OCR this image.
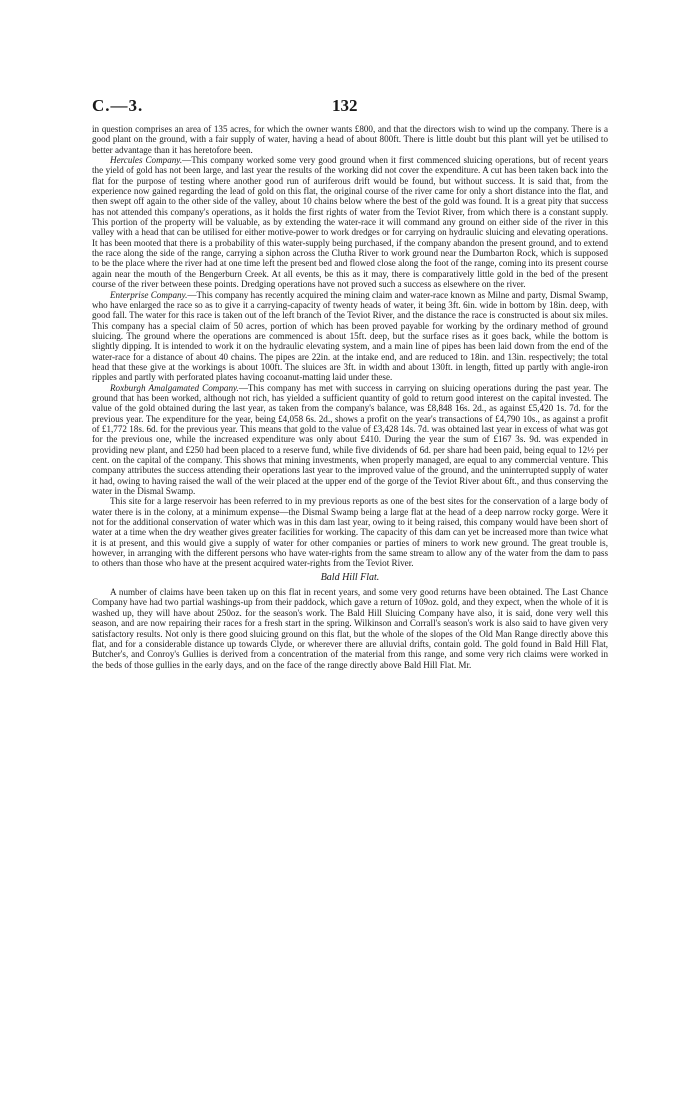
C.—3.	132

in question comprises an area of 135 acres, for which the owner wants £800, and that the directors wish to wind up the company. There is a good plant on the ground, with a fair supply of water, having a head of about 800ft. There is little doubt but this plant will yet be utilised to better advantage than it has heretofore been.

Hercules Company.—This company worked some very good ground when it first commenced sluicing operations, but of recent years the yield of gold has not been large, and last year the results of the working did not cover the expenditure. A cut has been taken back into the flat for the purpose of testing where another good run of auriferous drift would be found, but without success. It is said that, from the experience now gained regarding the lead of gold on this flat, the original course of the river came for only a short distance into the flat, and then swept off again to the other side of the valley, about 10 chains below where the best of the gold was found. It is a great pity that success has not attended this company's operations, as it holds the first rights of water from the Teviot River, from which there is a constant supply. This portion of the property will be valuable, as by extending the water-race it will command any ground on either side of the river in this valley with a head that can be utilised for either motive-power to work dredges or for carrying on hydraulic sluicing and elevating operations. It has been mooted that there is a probability of this water-supply being purchased, if the company abandon the present ground, and to extend the race along the side of the range, carrying a siphon across the Clutha River to work ground near the Dumbarton Rock, which is supposed to be the place where the river had at one time left the present bed and flowed close along the foot of the range, coming into its present course again near the mouth of the Bengerburn Creek. At all events, be this as it may, there is comparatively little gold in the bed of the present course of the river between these points. Dredging operations have not proved such a success as elsewhere on the river.

Enterprise Company.—This company has recently acquired the mining claim and water-race known as Milne and party, Dismal Swamp, who have enlarged the race so as to give it a carrying-capacity of twenty heads of water, it being 3ft. 6in. wide in bottom by 18in. deep, with good fall. The water for this race is taken out of the left branch of the Teviot River, and the distance the race is constructed is about six miles. This company has a special claim of 50 acres, portion of which has been proved payable for working by the ordinary method of ground sluicing. The ground where the operations are commenced is about 15ft. deep, but the surface rises as it goes back, while the bottom is slightly dipping. It is intended to work it on the hydraulic elevating system, and a main line of pipes has been laid down from the end of the water-race for a distance of about 40 chains. The pipes are 22in. at the intake end, and are reduced to 18in. and 13in. respectively; the total head that these give at the workings is about 100ft. The sluices are 3ft. in width and about 130ft. in length, fitted up partly with angle-iron ripples and partly with perforated plates having cocoanut-matting laid under these.

Roxburgh Amalgamated Company.—This company has met with success in carrying on sluicing operations during the past year. The ground that has been worked, although not rich, has yielded a sufficient quantity of gold to return good interest on the capital invested. The value of the gold obtained during the last year, as taken from the company's balance, was £8,848 16s. 2d., as against £5,420 1s. 7d. for the previous year. The expenditure for the year, being £4,058 6s. 2d., shows a profit on the year's transactions of £4,790 10s., as against a profit of £1,772 18s. 6d. for the previous year. This means that gold to the value of £3,428 14s. 7d. was obtained last year in excess of what was got for the previous one, while the increased expenditure was only about £410. During the year the sum of £167 3s. 9d. was expended in providing new plant, and £250 had been placed to a reserve fund, while five dividends of 6d. per share had been paid, being equal to 12½ per cent. on the capital of the company. This shows that mining investments, when properly managed, are equal to any commercial venture. This company attributes the success attending their operations last year to the improved value of the ground, and the uninterrupted supply of water it had, owing to having raised the wall of the weir placed at the upper end of the gorge of the Teviot River about 6ft., and thus conserving the water in the Dismal Swamp.

This site for a large reservoir has been referred to in my previous reports as one of the best sites for the conservation of a large body of water there is in the colony, at a minimum expense—the Dismal Swamp being a large flat at the head of a deep narrow rocky gorge. Were it not for the additional conservation of water which was in this dam last year, owing to it being raised, this company would have been short of water at a time when the dry weather gives greater facilities for working. The capacity of this dam can yet be increased more than twice what it is at present, and this would give a supply of water for other companies or parties of miners to work new ground. The great trouble is, however, in arranging with the different persons who have water-rights from the same stream to allow any of the water from the dam to pass to others than those who have at the present acquired water-rights from the Teviot River.

Bald Hill Flat.

A number of claims have been taken up on this flat in recent years, and some very good returns have been obtained. The Last Chance Company have had two partial washings-up from their paddock, which gave a return of 109oz. gold, and they expect, when the whole of it is washed up, they will have about 250oz. for the season's work. The Bald Hill Sluicing Company have also, it is said, done very well this season, and are now repairing their races for a fresh start in the spring. Wilkinson and Corrall's season's work is also said to have given very satisfactory results. Not only is there good sluicing ground on this flat, but the whole of the slopes of the Old Man Range directly above this flat, and for a considerable distance up towards Clyde, or wherever there are alluvial drifts, contain gold. The gold found in Bald Hill Flat, Butcher's, and Conroy's Gullies is derived from a concentration of the material from this range, and some very rich claims were worked in the beds of those gullies in the early days, and on the face of the range directly above Bald Hill Flat. Mr.
